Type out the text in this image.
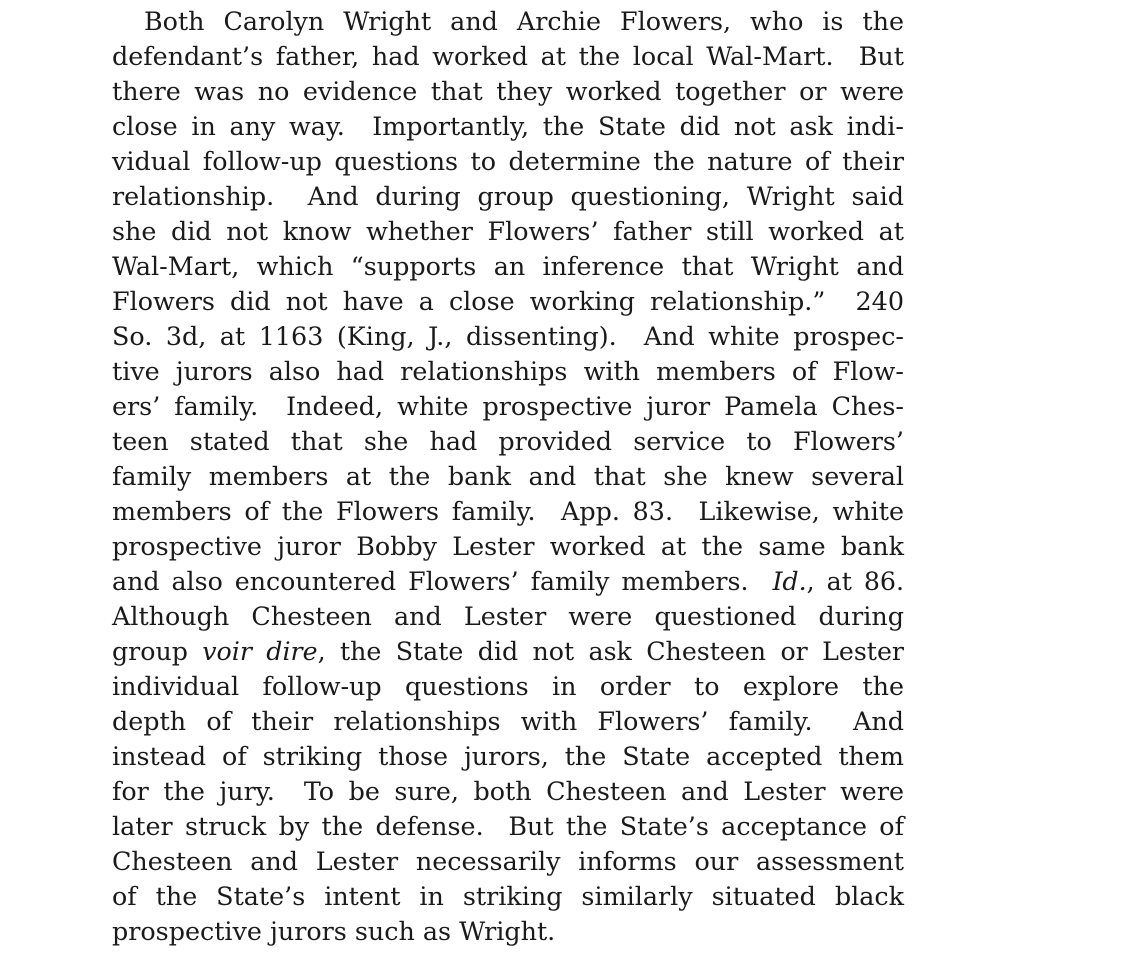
Both Carolyn Wright and Archie Flowers, who is the
defendant’s father, had worked at the local Wal-Mart.  But
there was no evidence that they worked together or were
close in any way.  Importantly, the State did not ask indi-
vidual follow-up questions to determine the nature of their
relationship.  And during group questioning, Wright said
she did not know whether Flowers’ father still worked at
Wal-Mart, which “supports an inference that Wright and
Flowers did not have a close working relationship.”  240
So. 3d, at 1163 (King, J., dissenting).  And white prospec-
tive jurors also had relationships with members of Flow-
ers’ family.  Indeed, white prospective juror Pamela Ches-
teen stated that she had provided service to Flowers’
family members at the bank and that she knew several
members of the Flowers family.  App. 83.  Likewise, white
prospective juror Bobby Lester worked at the same bank
and also encountered Flowers’ family members.  Id., at 86.
Although Chesteen and Lester were questioned during
group voir dire, the State did not ask Chesteen or Lester
individual follow-up questions in order to explore the
depth of their relationships with Flowers’ family.  And
instead of striking those jurors, the State accepted them
for the jury.  To be sure, both Chesteen and Lester were
later struck by the defense.  But the State’s acceptance of
Chesteen and Lester necessarily informs our assessment
of the State’s intent in striking similarly situated black
prospective jurors such as Wright.
